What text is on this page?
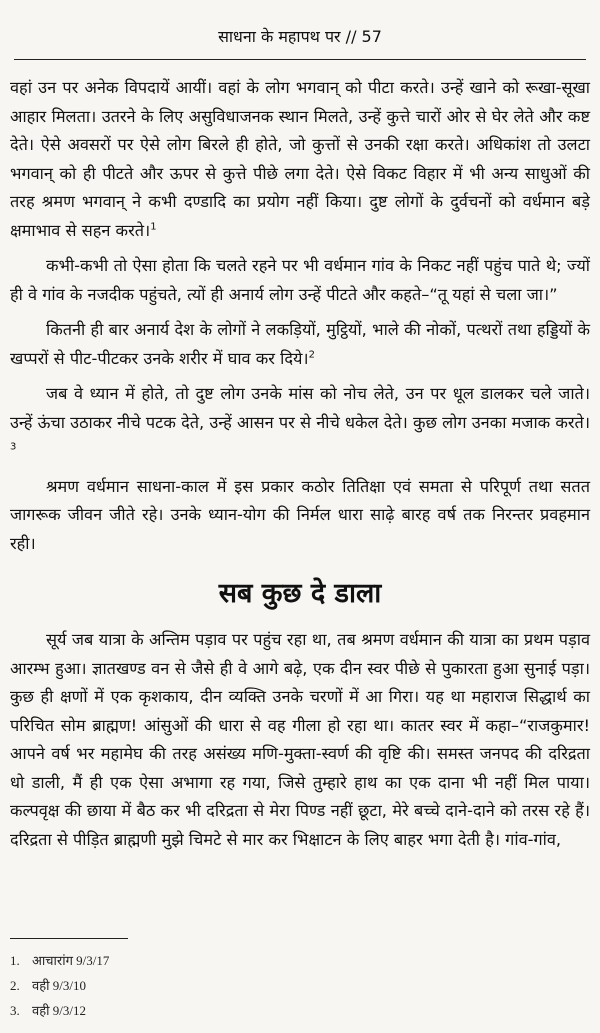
साधना के महापथ पर // 57

वहां उन पर अनेक विपदायें आयीं। वहां के लोग भगवान् को पीटा करते। उन्हें खाने को रूखा-सूखा आहार मिलता। उतरने के लिए असुविधाजनक स्थान मिलते, उन्हें कुत्ते चारों ओर से घेर लेते और कष्ट देते। ऐसे अवसरों पर ऐसे लोग बिरले ही होते, जो कुत्तों से उनकी रक्षा करते। अधिकांश तो उलटा भगवान् को ही पीटते और ऊपर से कुत्ते पीछे लगा देते। ऐसे विकट विहार में भी अन्य साधुओं की तरह श्रमण भगवान् ने कभी दण्डादि का प्रयोग नहीं किया। दुष्ट लोगों के दुर्वचनों को वर्धमान बड़े क्षमाभाव से सहन करते।$^1$

कभी-कभी तो ऐसा होता कि चलते रहने पर भी वर्धमान गांव के निकट नहीं पहुंच पाते थे; ज्यों ही वे गांव के नजदीक पहुंचते, त्यों ही अनार्य लोग उन्हें पीटते और कहते–“तू यहां से चला जा।”

कितनी ही बार अनार्य देश के लोगों ने लकड़ियों, मुट्ठियों, भाले की नोकों, पत्थरों तथा हड्डियों के खप्परों से पीट-पीटकर उनके शरीर में घाव कर दिये।$^2$

जब वे ध्यान में होते, तो दुष्ट लोग उनके मांस को नोच लेते, उन पर धूल डालकर चले जाते। उन्हें ऊंचा उठाकर नीचे पटक देते, उन्हें आसन पर से नीचे धकेल देते। कुछ लोग उनका मजाक करते।$^3$

श्रमण वर्धमान साधना-काल में इस प्रकार कठोर तितिक्षा एवं समता से परिपूर्ण तथा सतत जागरूक जीवन जीते रहे। उनके ध्यान-योग की निर्मल धारा साढ़े बारह वर्ष तक निरन्तर प्रवहमान रही।

सब कुछ दे डाला

सूर्य जब यात्रा के अन्तिम पड़ाव पर पहुंच रहा था, तब श्रमण वर्धमान की यात्रा का प्रथम पड़ाव आरम्भ हुआ। ज्ञातखण्ड वन से जैसे ही वे आगे बढ़े, एक दीन स्वर पीछे से पुकारता हुआ सुनाई पड़ा। कुछ ही क्षणों में एक कृशकाय, दीन व्यक्ति उनके चरणों में आ गिरा। यह था महाराज सिद्धार्थ का परिचित सोम ब्राह्मण! आंसुओं की धारा से वह गीला हो रहा था। कातर स्वर में कहा–“राजकुमार! आपने वर्ष भर महामेघ की तरह असंख्य मणि-मुक्ता-स्वर्ण की वृष्टि की। समस्त जनपद की दरिद्रता धो डाली, मैं ही एक ऐसा अभागा रह गया, जिसे तुम्हारे हाथ का एक दाना भी नहीं मिल पाया। कल्पवृक्ष की छाया में बैठ कर भी दरिद्रता से मेरा पिण्ड नहीं छूटा, मेरे बच्चे दाने-दाने को तरस रहे हैं। दरिद्रता से पीड़ित ब्राह्मणी मुझे चिमटे से मार कर भिक्षाटन के लिए बाहर भगा देती है। गांव-गांव,

1. आचारांग 9/3/17
2. वही 9/3/10
3. वही 9/3/12
